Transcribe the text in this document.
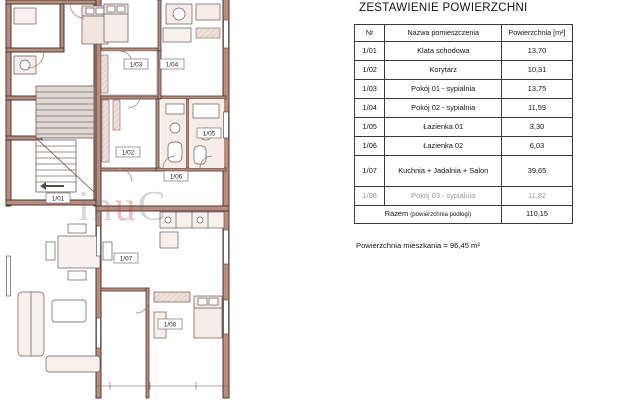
1/01
1/02
1/03	1/04
1/05
1/06
1/07
1/08
inuC
ZESTAWIENIE POWIERZCHNI
Nr	Nazwa pomieszczenia	Powierzchnia [m²]
1/01	Klata schodowa	13,70
1/02	Korytarz	10,31
1/03	Pokój 01 - sypialnia	13,75
1/04	Pokój 02 - sypialnia	11,59
1/05	Łazienka 01	3,30
1/06	Łazienka 02	6,03
1/07	Kuchnia + Jadalnia + Salon	39,65
1/08	Pokój 03 - sypialnia	11,82
Razem (powierzchnia podłogi)		110,15
Powierzchnia mieszkania = 96,45 m²
